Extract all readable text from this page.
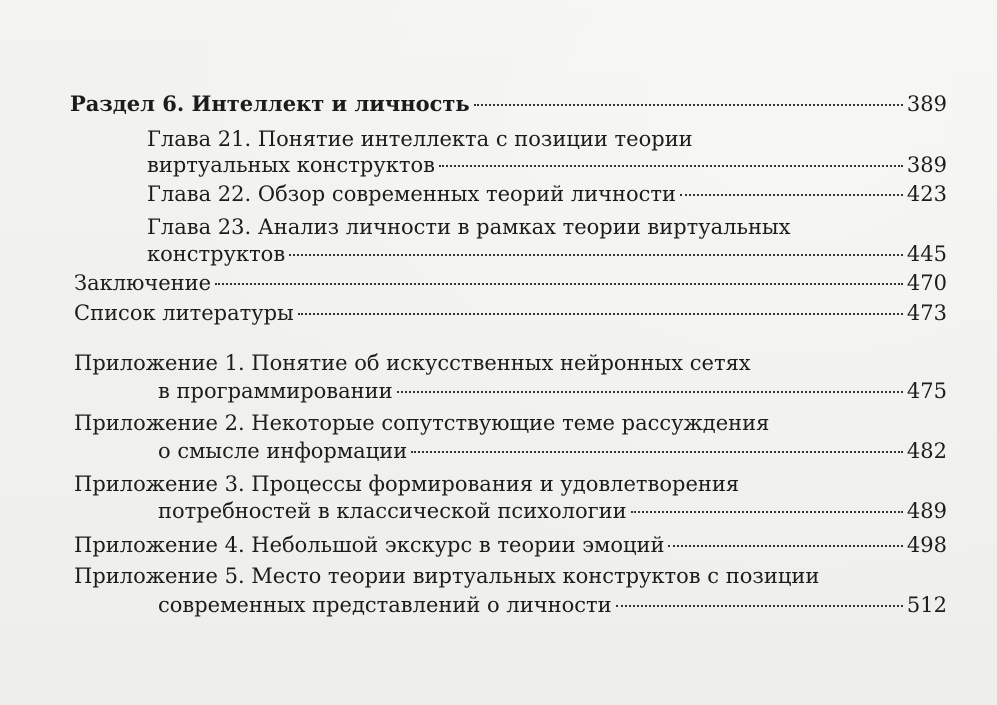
Раздел 6. Интеллект и личность	389
Глава 21. Понятие интеллекта с позиции теории
виртуальных конструктов	389
Глава 22. Обзор современных теорий личности	423
Глава 23. Анализ личности в рамках теории виртуальных
конструктов	445
Заключение	470
Список литературы	473
Приложение 1. Понятие об искусственных нейронных сетях
в программировании	475
Приложение 2. Некоторые сопутствующие теме рассуждения
о смысле информации	482
Приложение 3. Процессы формирования и удовлетворения
потребностей в классической психологии	489
Приложение 4. Небольшой экскурс в теории эмоций	498
Приложение 5. Место теории виртуальных конструктов с позиции
современных представлений о личности	512
